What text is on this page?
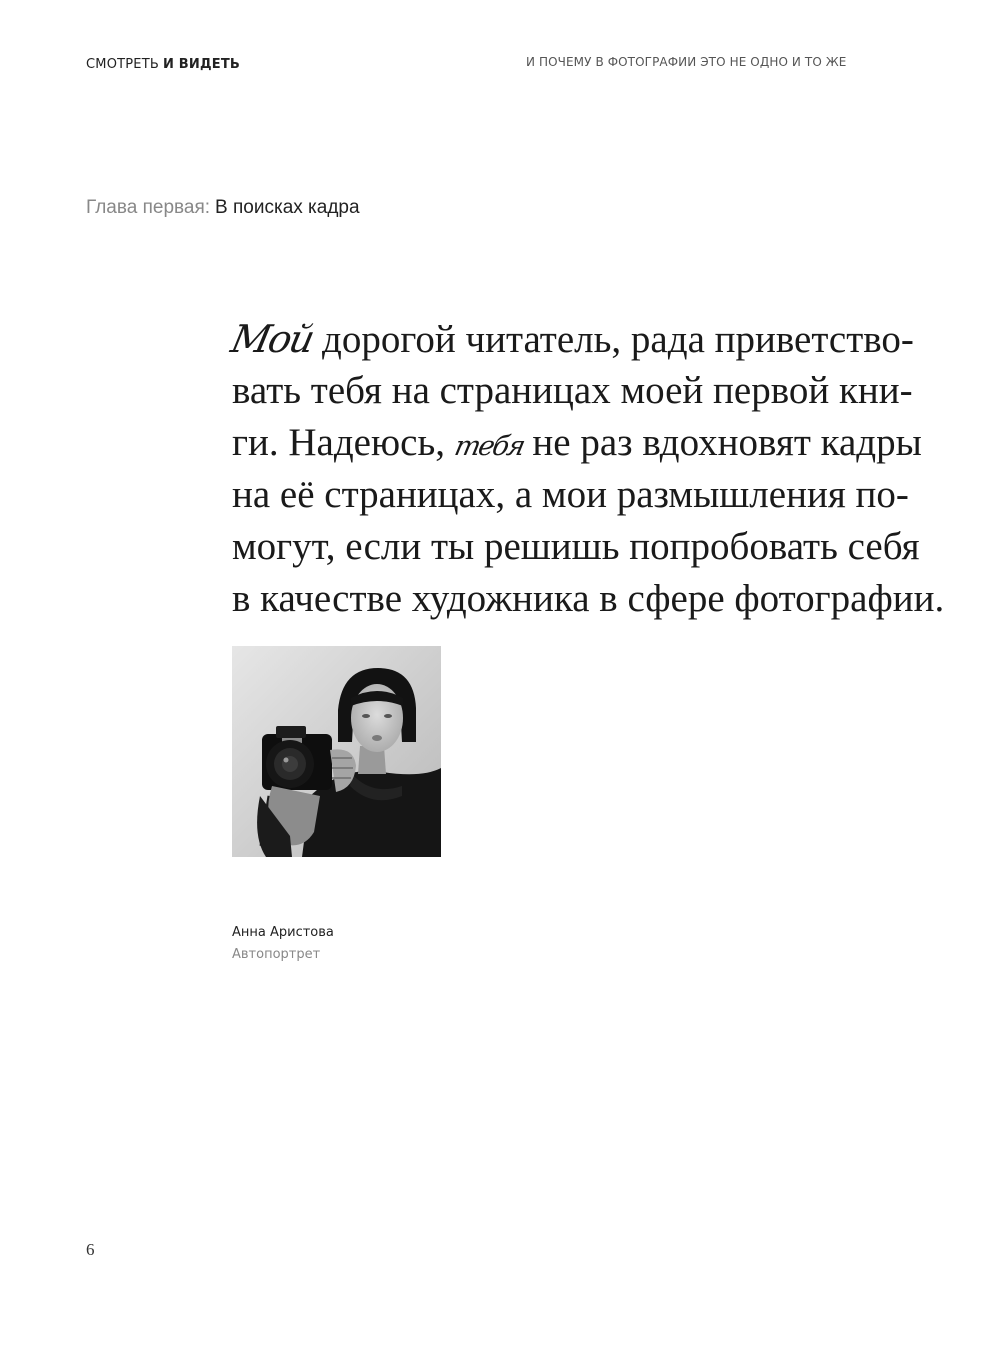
СМОТРЕТЬ И ВИДЕТЬ	И ПОЧЕМУ В ФОТОГРАФИИ ЭТО НЕ ОДНО И ТО ЖЕ
Глава первая: В поисках кадра
Мой дорогой читатель, рада приветство-
вать тебя на страницах моей первой кни-
ги. Надеюсь, тебя не раз вдохновят кадры
на её страницах, а мои размышления по-
могут, если ты решишь попробовать себя
в качестве художника в сфере фотографии.
Анна Аристова
Автопортрет
6
